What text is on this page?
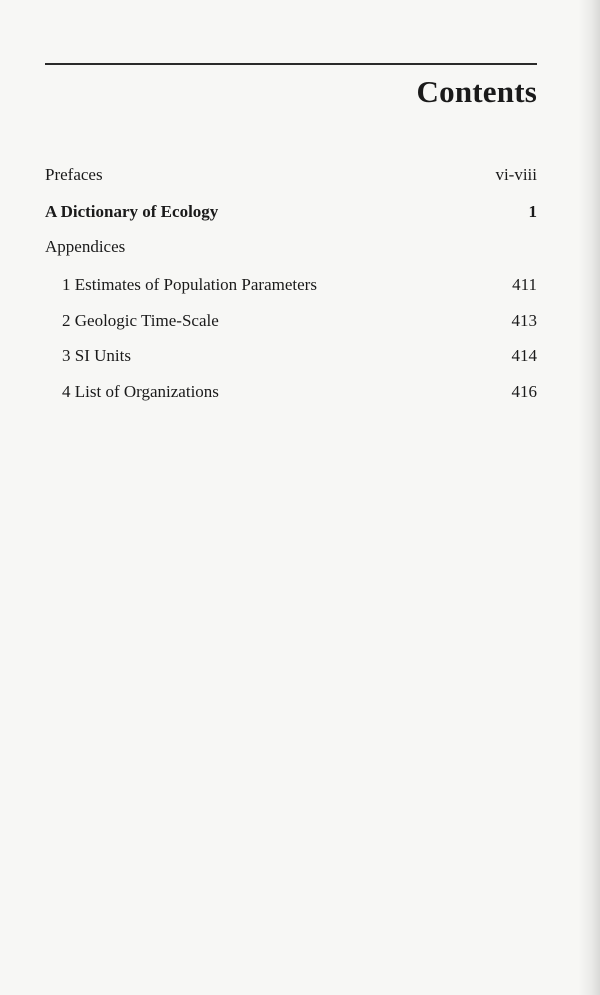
Contents
Prefaces	vi-viii
A Dictionary of Ecology	1
Appendices
1 Estimates of Population Parameters	411
2 Geologic Time-Scale	413
3 SI Units	414
4 List of Organizations	416
